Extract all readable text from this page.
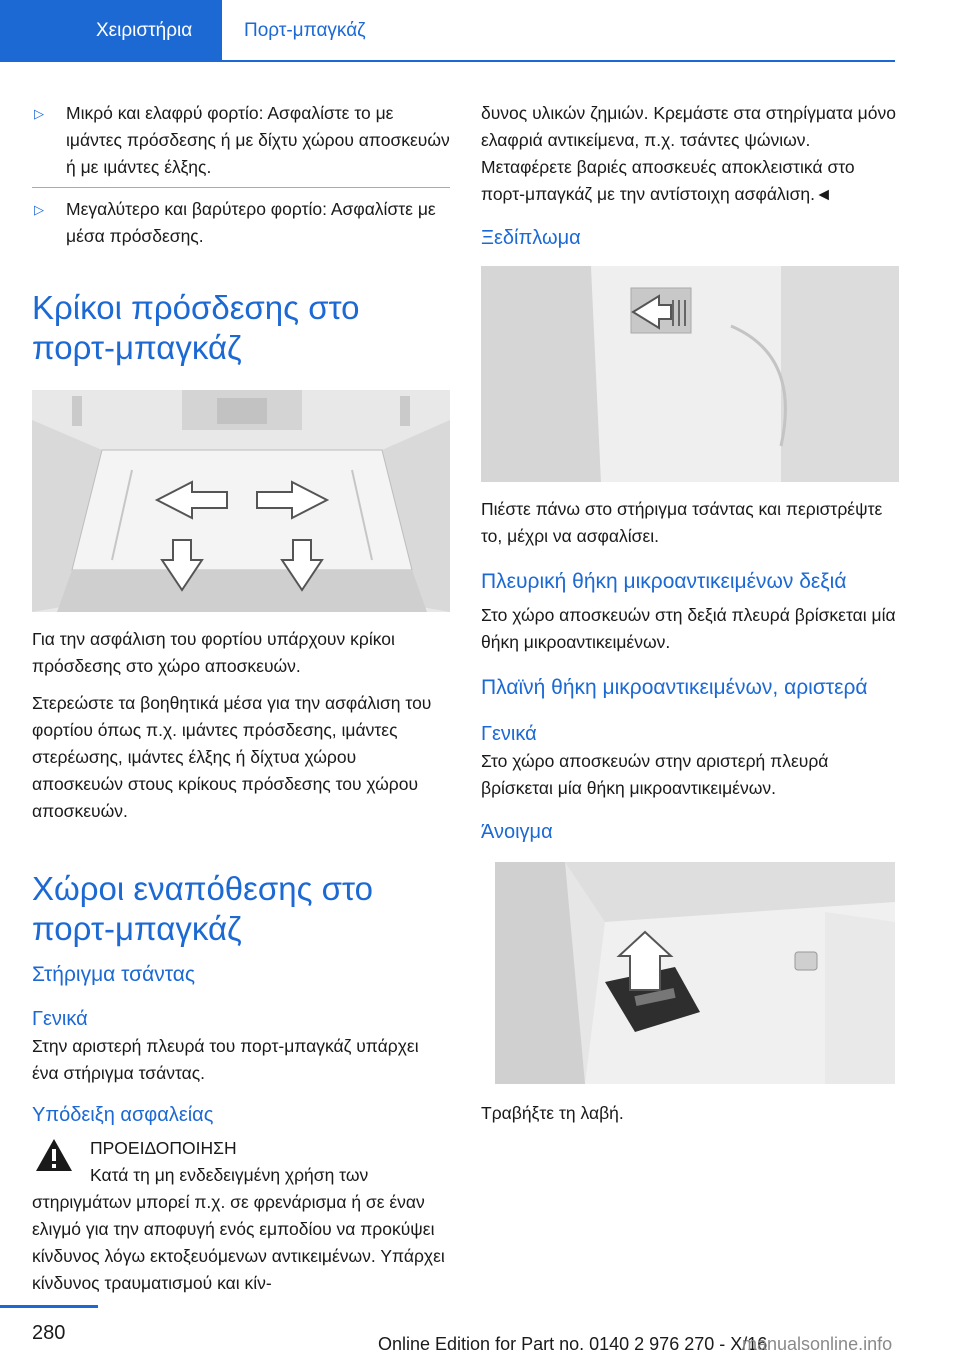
Χειριστήρια	Πορτ-μπαγκάζ
▷ Μικρό και ελαφρύ φορτίο: Ασφαλίστε το με ιμάντες πρόσδεσης ή με δίχτυ χώρου αποσκευών ή με ιμάντες έλξης.
▷ Μεγαλύτερο και βαρύτερο φορτίο: Ασφαλίστε με μέσα πρόσδεσης.
Κρίκοι πρόσδεσης στο πορτ-μπαγκάζ

Για την ασφάλιση του φορτίου υπάρχουν κρίκοι πρόσδεσης στο χώρο αποσκευών.

Στερεώστε τα βοηθητικά μέσα για την ασφάλιση του φορτίου όπως π.χ. ιμάντες πρόσδεσης, ιμάντες στερέωσης, ιμάντες έλξης ή δίχτυα χώρου αποσκευών στους κρίκους πρόσδεσης του χώρου αποσκευών.

Χώροι εναπόθεσης στο πορτ-μπαγκάζ
Στήριγμα τσάντας
Γενικά

Στην αριστερή πλευρά του πορτ-μπαγκάζ υπάρχει ένα στήριγμα τσάντας.

Υπόδειξη ασφαλείας

ΠΡΟΕΙΔΟΠΟΙΗΣΗ

Κατά τη μη ενδεδειγμένη χρήση των στηριγμάτων μπορεί π.χ. σε φρενάρισμα ή σε έναν ελιγμό για την αποφυγή ενός εμποδίου να προκύψει κίνδυνος λόγω εκτοξευόμενων αντικειμένων. Υπάρχει κίνδυνος τραυματισμού και κίν-

δυνος υλικών ζημιών. Κρεμάστε στα στηρίγματα μόνο ελαφριά αντικείμενα, π.χ. τσάντες ψώνιων. Μεταφέρετε βαριές αποσκευές αποκλειστικά στο πορτ-μπαγκάζ με την αντίστοιχη ασφάλιση.◄

Ξεδίπλωμα

Πιέστε πάνω στο στήριγμα τσάντας και περιστρέψτε το, μέχρι να ασφαλίσει.

Πλευρική θήκη μικροαντικειμένων δεξιά

Στο χώρο αποσκευών στη δεξιά πλευρά βρίσκεται μία θήκη μικροαντικειμένων.

Πλαϊνή θήκη μικροαντικειμένων, αριστερά
Γενικά

Στο χώρο αποσκευών στην αριστερή πλευρά βρίσκεται μία θήκη μικροαντικειμένων.

Άνοιγμα

Τραβήξτε τη λαβή.

280	Online Edition for Part no. 0140 2 976 270 - X/16
manualsonline.info
